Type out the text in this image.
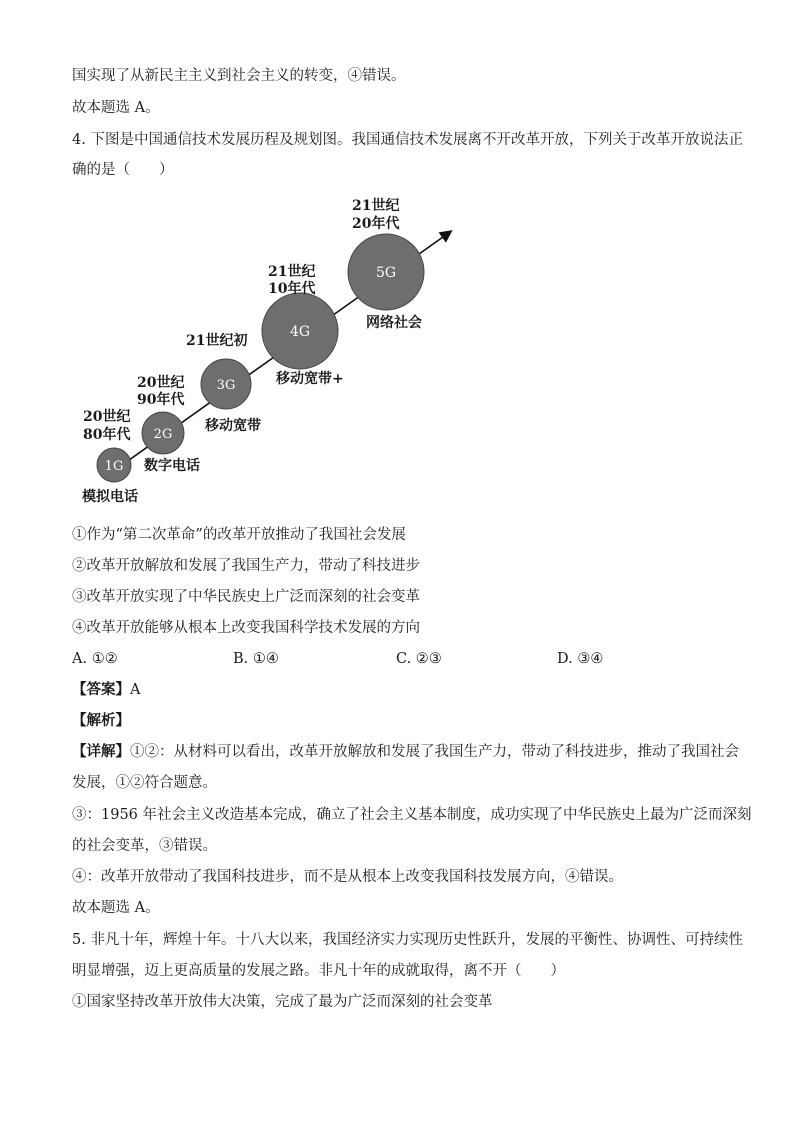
国实现了从新民主主义到社会主义的转变，④错误。
故本题选 A。
4. 下图是中国通信技术发展历程及规划图。我国通信技术发展离不开改革开放，下列关于改革开放说法正
确的是（　　）
1G
模拟电话
2G
20世纪
80年代
数字电话
3G
20世纪
90年代
移动宽带
4G
21世纪初
移动宽带+
5G
21世纪
10年代
网络社会
21世纪
20年代
①作为“第二次革命”的改革开放推动了我国社会发展
②改革开放解放和发展了我国生产力，带动了科技进步
③改革开放实现了中华民族史上广泛而深刻的社会变革
④改革开放能够从根本上改变我国科学技术发展的方向
A. ①②	B. ①④	C. ②③	D. ③④
【答案】A
【解析】
【详解】①②：从材料可以看出，改革开放解放和发展了我国生产力，带动了科技进步，推动了我国社会
发展，①②符合题意。
③：1956 年社会主义改造基本完成，确立了社会主义基本制度，成功实现了中华民族史上最为广泛而深刻
的社会变革，③错误。
④：改革开放带动了我国科技进步，而不是从根本上改变我国科技发展方向，④错误。
故本题选 A。
5. 非凡十年，辉煌十年。十八大以来，我国经济实力实现历史性跃升，发展的平衡性、协调性、可持续性
明显增强，迈上更高质量的发展之路。非凡十年的成就取得，离不开（　　）
①国家坚持改革开放伟大决策，完成了最为广泛而深刻的社会变革
